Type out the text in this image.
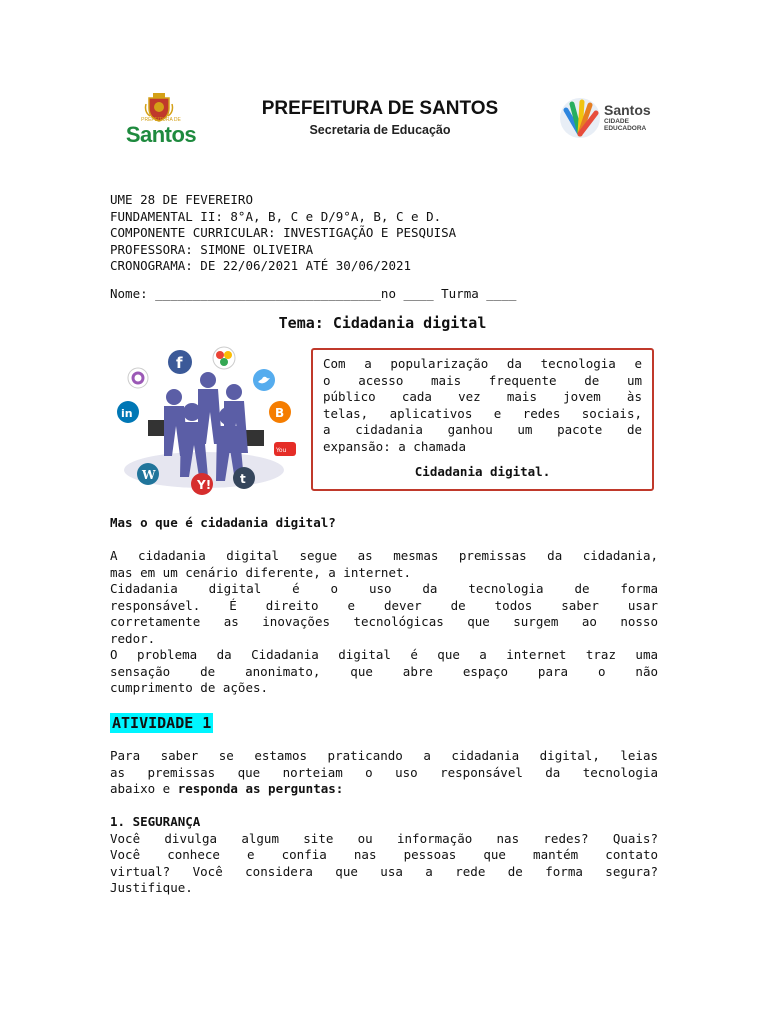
PREFEITURA DE
Santos
PREFEITURA DE SANTOS
Secretaria de Educação
Santos
CIDADE EDUCADORA
UME 28 DE FEVEREIRO
FUNDAMENTAL II: 8°A, B, C e D/9°A, B, C e D.
COMPONENTE CURRICULAR: INVESTIGAÇÃO E PESQUISA
PROFESSORA: SIMONE OLIVEIRA
CRONOGRAMA: DE 22/06/2021 ATÉ 30/06/2021
Nome: ______________________________no ____ Turma ____
Tema: Cidadania digital
f
in	B
You
W
Y! t
Com a popularização da tecnologia e
o acesso mais frequente de um
público cada vez mais jovem às
telas, aplicativos e redes sociais,
a cidadania ganhou um pacote de
expansão: a chamada
Cidadania digital.
Mas o que é cidadania digital?
A cidadania digital segue as mesmas premissas da cidadania,
mas em um cenário diferente, a internet.
Cidadania digital é o uso da tecnologia de forma
responsável. É direito e dever de todos saber usar
corretamente as inovações tecnológicas que surgem ao nosso
redor.
O problema da Cidadania digital é que a internet traz uma
sensação de anonimato, que abre espaço para o não
cumprimento de ações.
ATIVIDADE 1
Para saber se estamos praticando a cidadania digital, leias
as premissas que norteiam o uso responsável da tecnologia
abaixo e responda as perguntas:
1. SEGURANÇA
Você divulga algum site ou informação nas redes? Quais?
Você conhece e confia nas pessoas que mantém contato
virtual? Você considera que usa a rede de forma segura?
Justifique.
